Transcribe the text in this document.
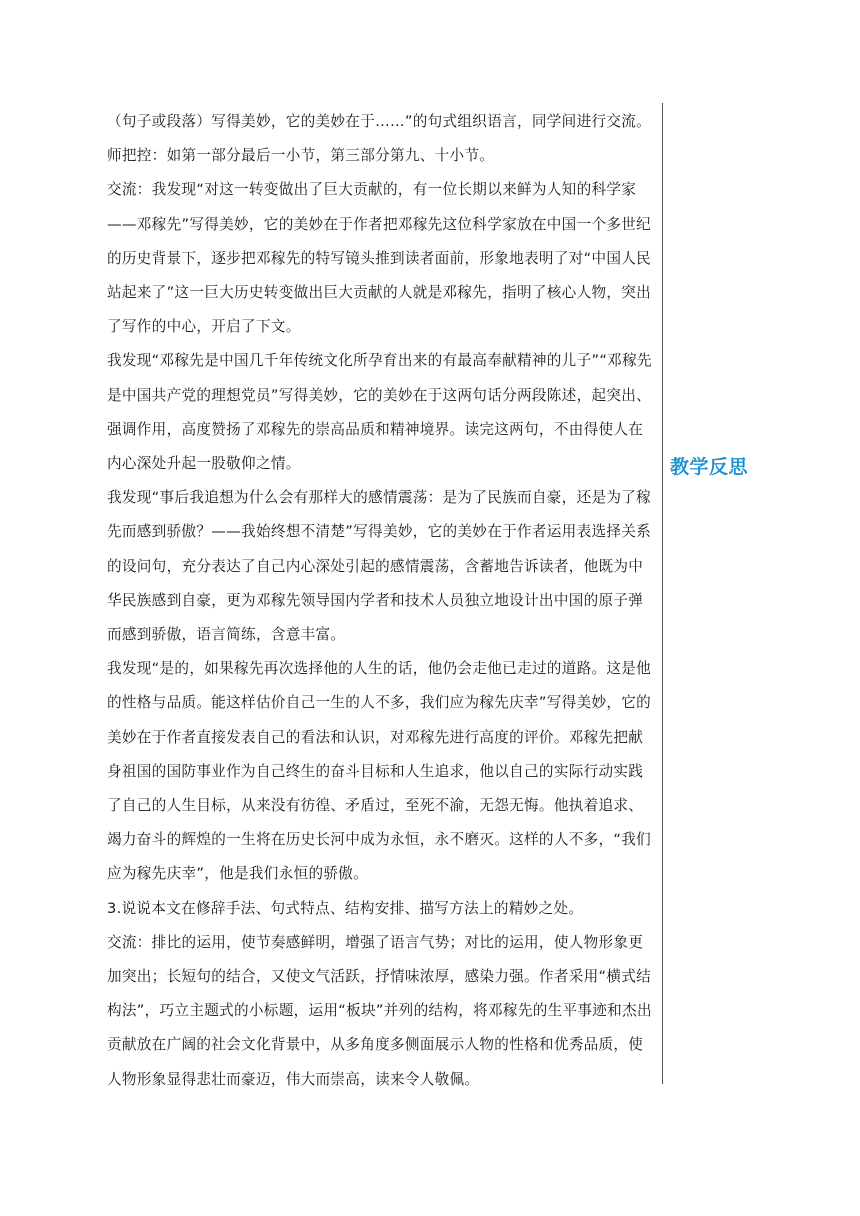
（句子或段落）写得美妙，它的美妙在于……”的句式组织语言，同学间进行交流。

师把控：如第一部分最后一小节，第三部分第九、十小节。

交流：我发现“对这一转变做出了巨大贡献的，有一位长期以来鲜为人知的科学家——邓稼先”写得美妙，它的美妙在于作者把邓稼先这位科学家放在中国一个多世纪的历史背景下，逐步把邓稼先的特写镜头推到读者面前，形象地表明了对“中国人民站起来了”这一巨大历史转变做出巨大贡献的人就是邓稼先，指明了核心人物，突出了写作的中心，开启了下文。

我发现“邓稼先是中国几千年传统文化所孕育出来的有最高奉献精神的儿子”“邓稼先是中国共产党的理想党员”写得美妙，它的美妙在于这两句话分两段陈述，起突出、强调作用，高度赞扬了邓稼先的崇高品质和精神境界。读完这两句，不由得使人在内心深处升起一股敬仰之情。

我发现“事后我追想为什么会有那样大的感情震荡：是为了民族而自豪，还是为了稼先而感到骄傲？——我始终想不清楚”写得美妙，它的美妙在于作者运用表选择关系的设问句，充分表达了自己内心深处引起的感情震荡，含蓄地告诉读者，他既为中华民族感到自豪，更为邓稼先领导国内学者和技术人员独立地设计出中国的原子弹而感到骄傲，语言简练，含意丰富。

我发现“是的，如果稼先再次选择他的人生的话，他仍会走他已走过的道路。这是他的性格与品质。能这样估价自己一生的人不多，我们应为稼先庆幸”写得美妙，它的美妙在于作者直接发表自己的看法和认识，对邓稼先进行高度的评价。邓稼先把献身祖国的国防事业作为自己终生的奋斗目标和人生追求，他以自己的实际行动实践了自己的人生目标，从来没有彷徨、矛盾过，至死不渝，无怨无悔。他执着追求、竭力奋斗的辉煌的一生将在历史长河中成为永恒，永不磨灭。这样的人不多，“我们应为稼先庆幸”，他是我们永恒的骄傲。

3.说说本文在修辞手法、句式特点、结构安排、描写方法上的精妙之处。

交流：排比的运用，使节奏感鲜明，增强了语言气势；对比的运用，使人物形象更加突出；长短句的结合，又使文气活跃，抒情味浓厚，感染力强。作者采用“横式结构法”，巧立主题式的小标题，运用“板块”并列的结构，将邓稼先的生平事迹和杰出贡献放在广阔的社会文化背景中，从多角度多侧面展示人物的性格和优秀品质，使人物形象显得悲壮而豪迈，伟大而崇高，读来令人敬佩。

教学反思
